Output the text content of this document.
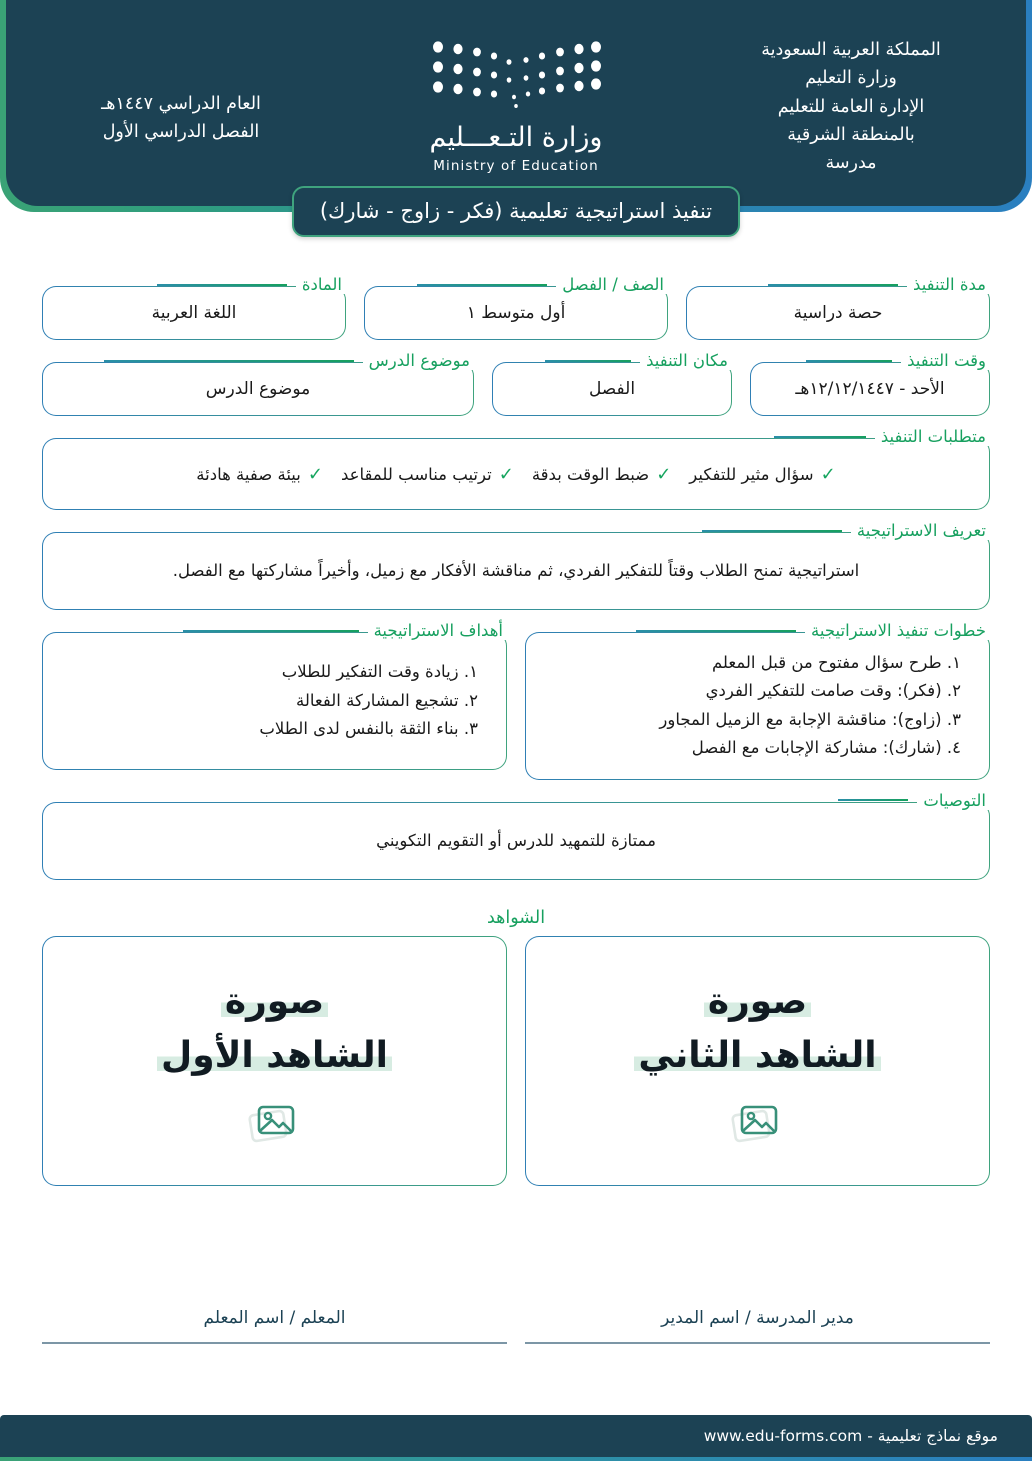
المملكة العربية السعودية
وزارة التعليم
الإدارة العامة للتعليم
بالمنطقة الشرقية
مدرسة
وزارة التـعـــليم
Ministry of Education
العام الدراسي ١٤٤٧هـ
الفصل الدراسي الأول
تنفيذ استراتيجية تعليمية (فكر - زاوج - شارك)
مدة التنفيذ
حصة دراسية
الصف / الفصل
أول متوسط ١
المادة
اللغة العربية
وقت التنفيذ
الأحد - ١٢/١٢/١٤٤٧هـ
مكان التنفيذ
الفصل
موضوع الدرس
موضوع الدرس
متطلبات التنفيذ
✓
سؤال مثير للتفكير
✓
ضبط الوقت بدقة
✓
ترتيب مناسب للمقاعد
✓
بيئة صفية هادئة
تعريف الاستراتيجية

استراتيجية تمنح الطلاب وقتاً للتفكير الفردي، ثم مناقشة الأفكار مع زميل، وأخيراً مشاركتها مع الفصل.

خطوات تنفيذ الاستراتيجية
١. طرح سؤال مفتوح من قبل المعلم
٢. (فكر): وقت صامت للتفكير الفردي
٣. (زاوج): مناقشة الإجابة مع الزميل المجاور
٤. (شارك): مشاركة الإجابات مع الفصل
أهداف الاستراتيجية
١. زيادة وقت التفكير للطلاب
٢. تشجيع المشاركة الفعالة
٣. بناء الثقة بالنفس لدى الطلاب
التوصيات

ممتازة للتمهيد للدرس أو التقويم التكويني

الشواهد
صورة
الشاهد الثاني
صورة
الشاهد الأول
مدير المدرسة / اسم المدير
المعلم / اسم المعلم
موقع نماذج تعليمية - www.edu-forms.com
